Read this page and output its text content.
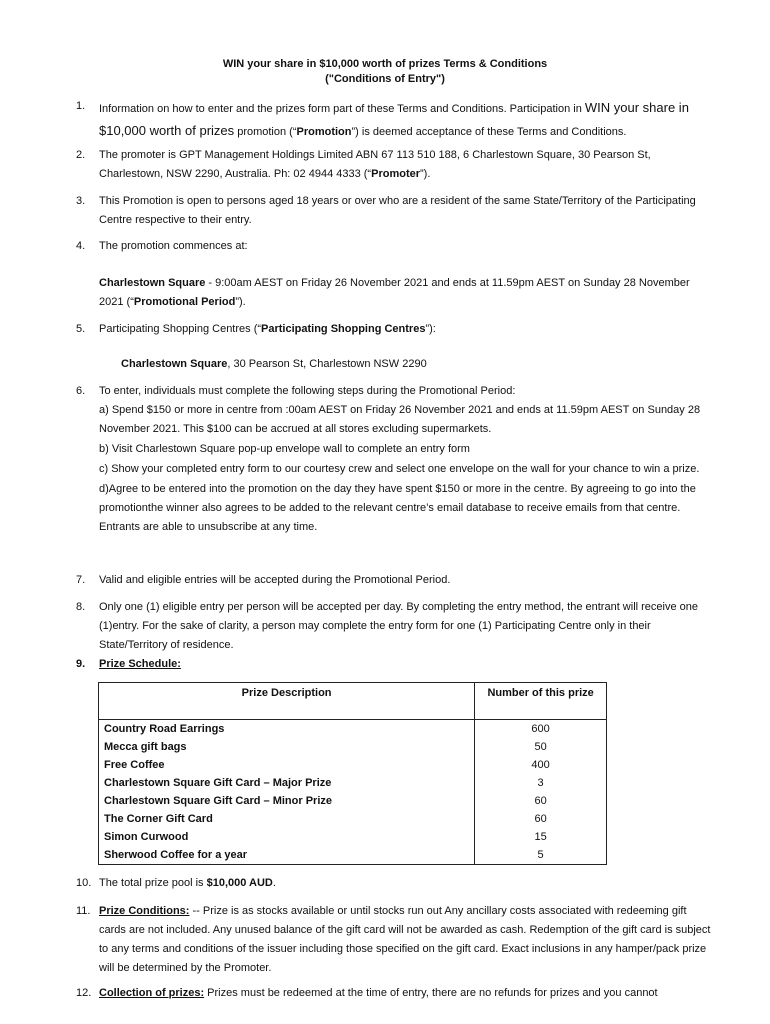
WIN your share in $10,000 worth of prizes Terms & Conditions
("Conditions of Entry")
1.	Information on how to enter and the prizes form part of these Terms and Conditions. Participation in WIN your share in $10,000 worth of prizes promotion (“Promotion”) is deemed acceptance of these Terms and Conditions.
2.	The promoter is GPT Management Holdings Limited ABN 67 113 510 188, 6 Charlestown Square, 30 Pearson St, Charlestown, NSW 2290, Australia. Ph: 02 4944 4333 (“Promoter”).
3.	This Promotion is open to persons aged 18 years or over who are a resident of the same State/Territory of the Participating Centre respective to their entry.
4.	The promotion commences at:
Charlestown Square - 9:00am AEST on Friday 26 November 2021 and ends at 11.59pm AEST on Sunday 28 November 2021 (“Promotional Period”).
5.	Participating Shopping Centres (“Participating Shopping Centres”):
Charlestown Square, 30 Pearson St, Charlestown NSW 2290
6.	To enter, individuals must complete the following steps during the Promotional Period:
a) Spend $150 or more in centre from :00am AEST on Friday 26 November 2021 and ends at 11.59pm AEST on Sunday 28 November 2021. This $100 can be accrued at all stores excluding supermarkets.
b) Visit Charlestown Square pop-up envelope wall to complete an entry form
c) Show your completed entry form to our courtesy crew and select one envelope on the wall for your chance to win a prize.
d)Agree to be entered into the promotion on the day they have spent $150 or more in the centre. By agreeing to go into the promotionthe winner also agrees to be added to the relevant centre’s email database to receive emails from that centre. Entrants are able to unsubscribe at any time.
7.	Valid and eligible entries will be accepted during the Promotional Period.
8.	Only one (1) eligible entry per person will be accepted per day. By completing the entry method, the entrant will receive one (1)entry. For the sake of clarity, a person may complete the entry form for one (1) Participating Centre only in their State/Territory of residence.
9.	Prize Schedule:
Prize Description	Number of this prize
Country Road Earrings	600
Mecca gift bags	50
Free Coffee	400
Charlestown Square Gift Card – Major Prize	3
Charlestown Square Gift Card – Minor Prize	60
The Corner Gift Card	60
Simon Curwood	15
Sherwood Coffee for a year	5
10. The total prize pool is $10,000 AUD.
11. Prize Conditions: -- Prize is as stocks available or until stocks run out Any ancillary costs associated with redeeming gift cards are not included. Any unused balance of the gift card will not be awarded as cash. Redemption of the gift card is subject to any terms and conditions of the issuer including those specified on the gift card. Exact inclusions in any hamper/pack prize will be determined by the Promoter.
12. Collection of prizes: Prizes must be redeemed at the time of entry, there are no refunds for prizes and you cannot
